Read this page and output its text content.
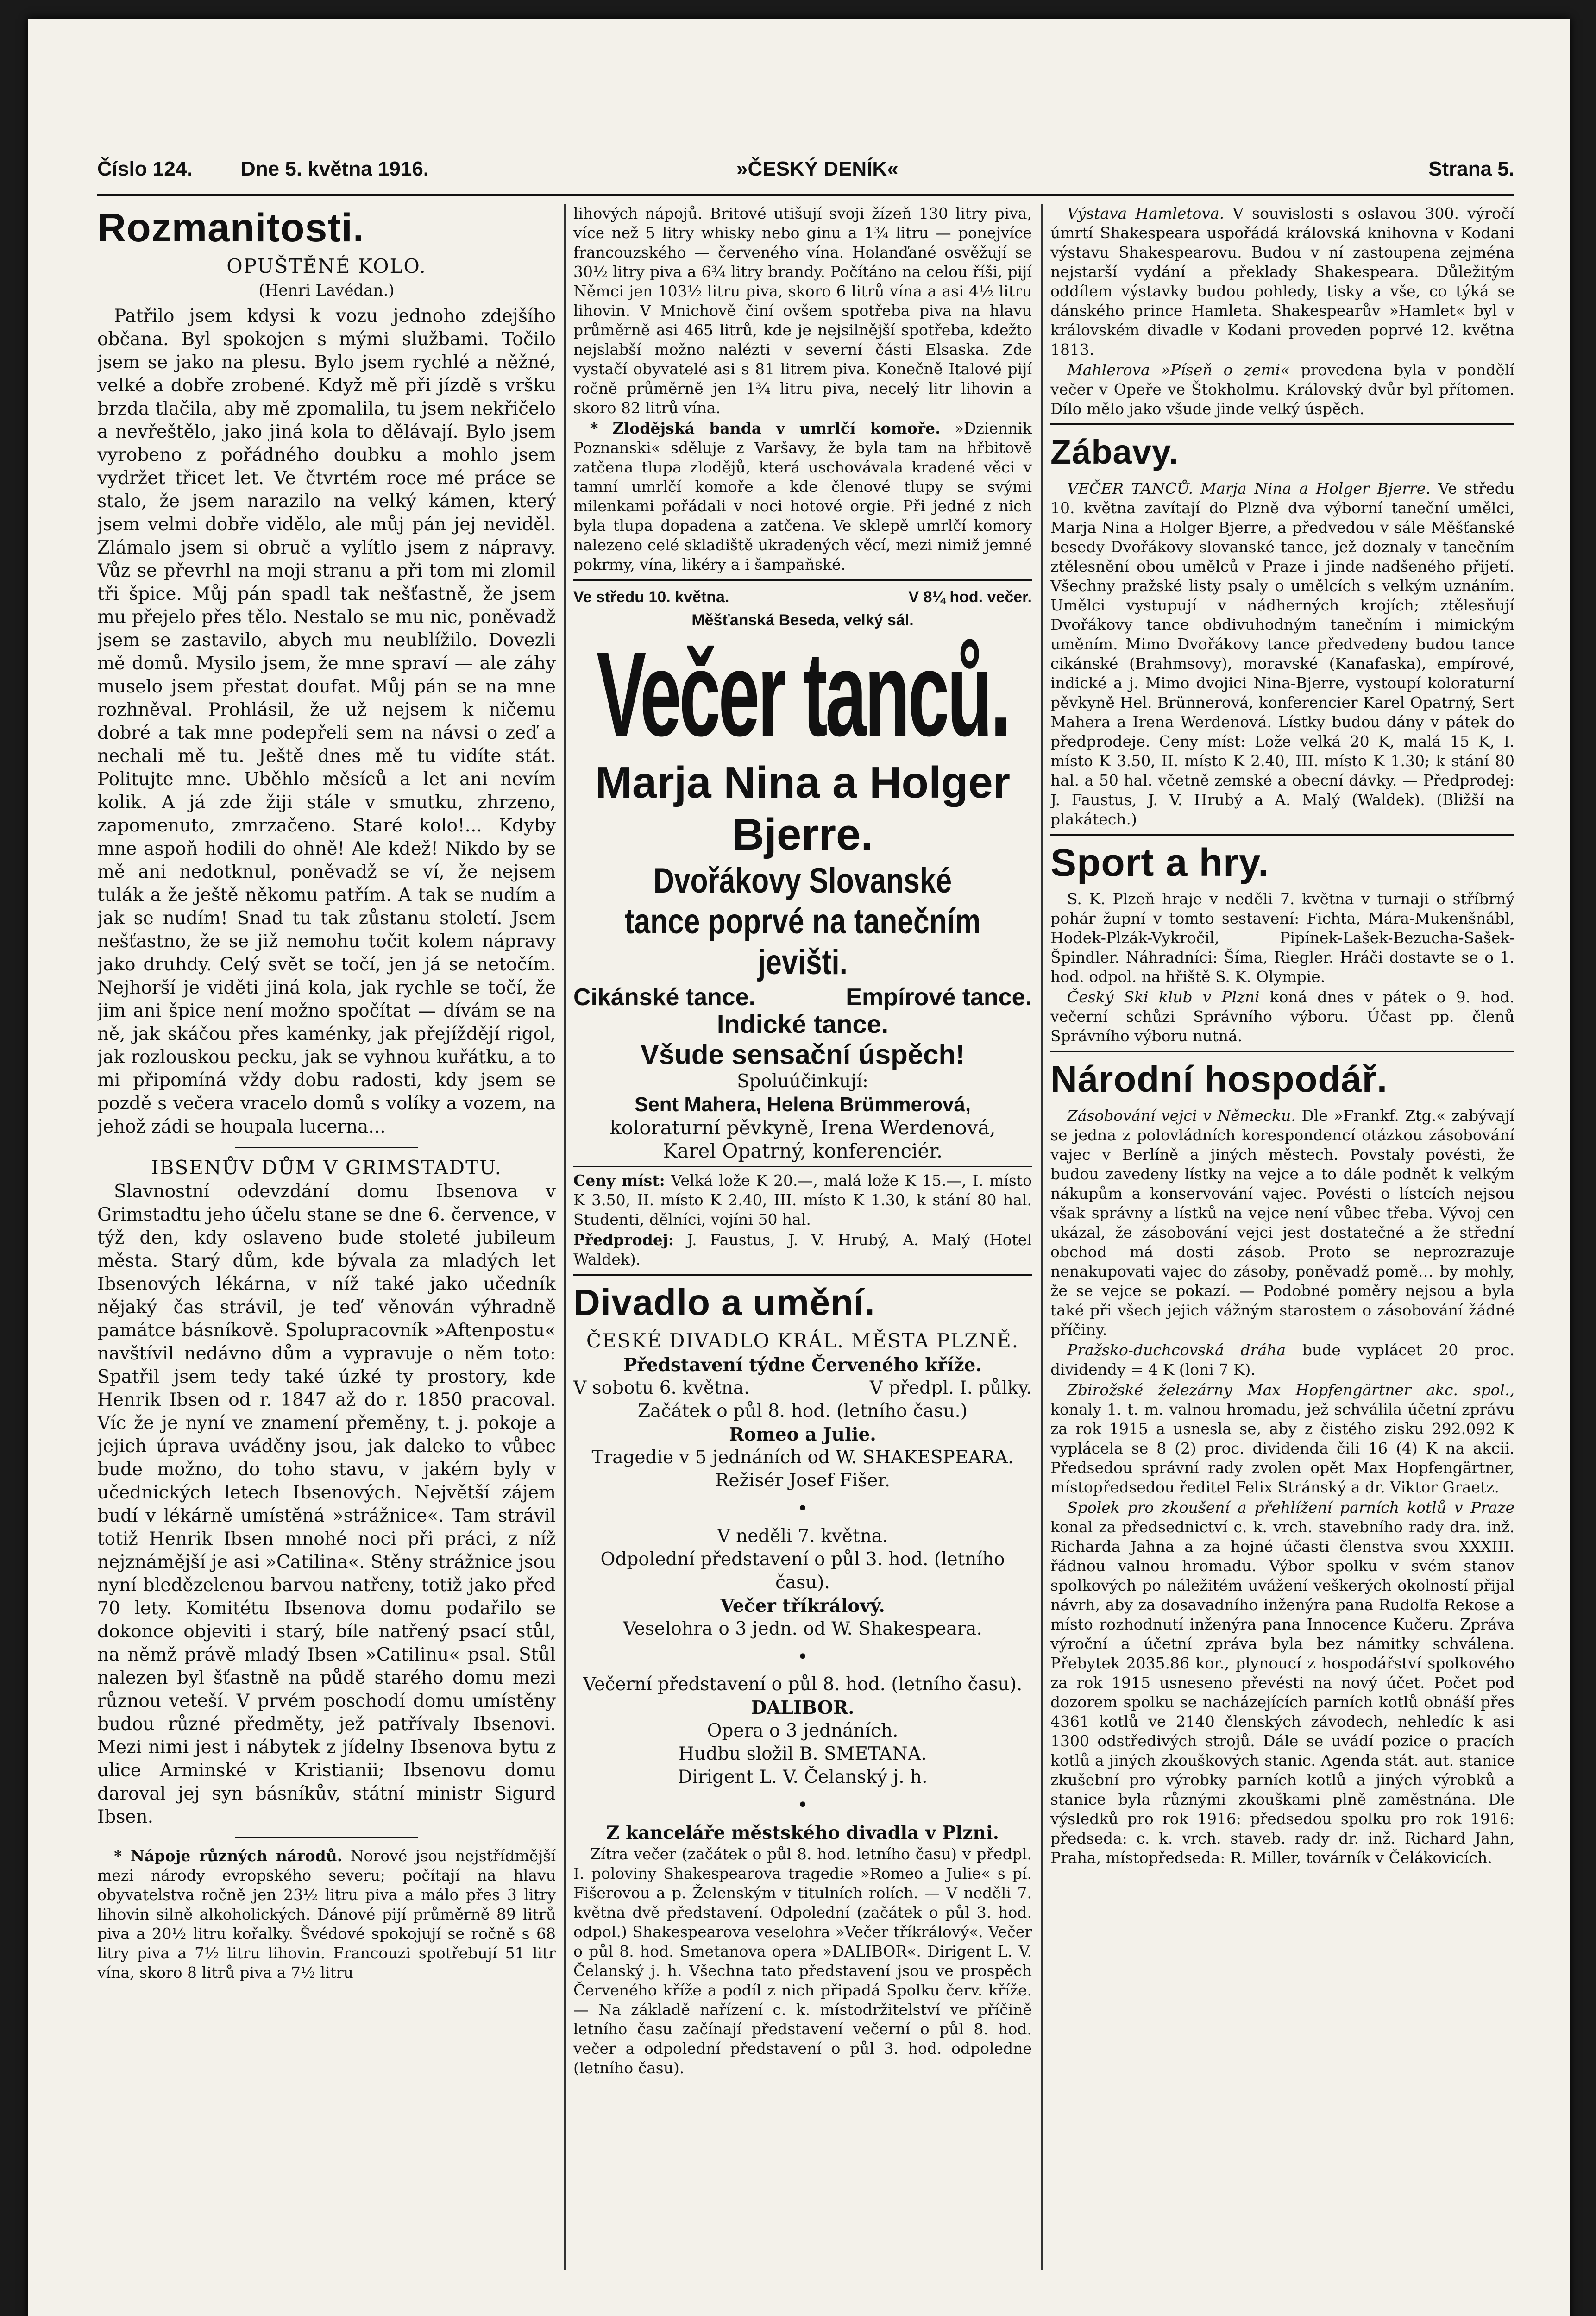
Číslo 124. Dne 5. května 1916.	»ČESKÝ DENÍK«	Strana 5.
Rozmanitosti.
OPUŠTĚNÉ KOLO.
(Henri Lavédan.)

Patřilo jsem kdysi k vozu jednoho zdejšího občana. Byl spokojen s mými službami. Točilo jsem se jako na plesu. Bylo jsem rychlé a něžné, velké a dobře zrobené. Když mě při jízdě s vršku brzda tlačila, aby mě zpomalila, tu jsem nekřičelo a nevřeštělo, jako jiná kola to dělávají. Bylo jsem vyrobeno z pořádného doubku a mohlo jsem vydržet třicet let. Ve čtvrtém roce mé práce se stalo, že jsem narazilo na velký kámen, který jsem velmi dobře vidělo, ale můj pán jej neviděl. Zlámalo jsem si obruč a vylítlo jsem z nápravy. Vůz se převrhl na moji stranu a při tom mi zlomil tři špice. Můj pán spadl tak nešťastně, že jsem mu přejelo přes tělo. Nestalo se mu nic, poněvadž jsem se zastavilo, abych mu neublížilo. Dovezli mě domů. Mysilo jsem, že mne spraví — ale záhy muselo jsem přestat doufat. Můj pán se na mne rozhněval. Prohlásil, že už nejsem k ničemu dobré a tak mne podepřeli sem na návsi o zeď a nechali mě tu. Ještě dnes mě tu vidíte stát. Politujte mne. Uběhlo měsíců a let ani nevím kolik. A já zde žiji stále v smutku, zhrzeno, zapomenuto, zmrzačeno. Staré kolo!... Kdyby mne aspoň hodili do ohně! Ale kdež! Nikdo by se mě ani nedotknul, poněvadž se ví, že nejsem tulák a že ještě někomu patřím. A tak se nudím a jak se nudím! Snad tu tak zůstanu století. Jsem nešťastno, že se již nemohu točit kolem nápravy jako druhdy. Celý svět se točí, jen já se netočím. Nejhorší je viděti jiná kola, jak rychle se točí, že jim ani špice není možno spočítat — dívám se na ně, jak skáčou přes kaménky, jak přejíždějí rigol, jak rozlouskou pecku, jak se vyhnou kuřátku, a to mi připomíná vždy dobu radosti, kdy jsem se pozdě s večera vracelo domů s volíky a vozem, na jehož zádi se houpala lucerna...

IBSENŮV DŮM V GRIMSTADTU.

Slavnostní odevzdání domu Ibsenova v Grimstadtu jeho účelu stane se dne 6. července, v týž den, kdy oslaveno bude stoleté jubileum města. Starý dům, kde bývala za mladých let Ibsenových lékárna, v níž také jako učedník nějaký čas strávil, je teď věnován výhradně památce básníkově. Spolupracovník »Aftenpostu« navštívil nedávno dům a vypravuje o něm toto: Spatřil jsem tedy také úzké ty prostory, kde Henrik Ibsen od r. 1847 až do r. 1850 pracoval. Víc že je nyní ve znamení přeměny, t. j. pokoje a jejich úprava uváděny jsou, jak daleko to vůbec bude možno, do toho stavu, v jakém byly v učednických letech Ibsenových. Největší zájem budí v lékárně umístěná »strážnice«. Tam strávil totiž Henrik Ibsen mnohé noci při práci, z níž nejznámější je asi »Catilina«. Stěny strážnice jsou nyní bledězelenou barvou natřeny, totiž jako před 70 lety. Komitétu Ibsenova domu podařilo se dokonce objeviti i starý, bíle natřený psací stůl, na němž právě mladý Ibsen »Catilinu« psal. Stůl nalezen byl šťastně na půdě starého domu mezi různou veteší. V prvém poschodí domu umístěny budou různé předměty, jež patřívaly Ibsenovi. Mezi nimi jest i nábytek z jídelny Ibsenova bytu z ulice Arminské v Kristianii; Ibsenovu domu daroval jej syn básníkův, státní ministr Sigurd Ibsen.

* Nápoje různých národů. Norové jsou nejstřídmější mezi národy evropského severu; počítají na hlavu obyvatelstva ročně jen 23½ litru piva a málo přes 3 litry lihovin silně alkoholických. Dánové pijí průměrně 89 litrů piva a 20½ litru kořalky. Švédové spokojují se ročně s 68 litry piva a 7½ litru lihovin. Francouzi spotřebují 51 litr vína, skoro 8 litrů piva a 7½ litru

lihových nápojů. Britové utišují svoji žízeň 130 litry piva, více než 5 litry whisky nebo ginu a 1¾ litru — ponejvíce francouzského — červeného vína. Holanďané osvěžují se 30½ litry piva a 6¾ litry brandy. Počítáno na celou říši, pijí Němci jen 103½ litru piva, skoro 6 litrů vína a asi 4½ litru lihovin. V Mnichově činí ovšem spotřeba piva na hlavu průměrně asi 465 litrů, kde je nejsilnější spotřeba, kdežto nejslabší možno nalézti v severní části Elsaska. Zde vystačí obyvatelé asi s 81 litrem piva. Konečně Italové pijí ročně průměrně jen 1¾ litru piva, necelý litr lihovin a skoro 82 litrů vína.

* Zlodějská banda v umrlčí komoře. »Dziennik Poznanski« sděluje z Varšavy, že byla tam na hřbitově zatčena tlupa zlodějů, která uschovávala kradené věci v tamní umrlčí komoře a kde členové tlupy se svými milenkami pořádali v noci hotové orgie. Při jedné z nich byla tlupa dopadena a zatčena. Ve sklepě umrlčí komory nalezeno celé skladiště ukradených věcí, mezi nimiž jemné pokrmy, vína, likéry a i šampaňské.

Ve středu 10. května.	V 8¼ hod. večer.
Měšťanská Beseda, velký sál.
Večer tanců.
Marja Nina a Holger Bjerre.
Dvořákovy Slovanské tance poprvé na tanečním jevišti.
Cikánské tance.	Empírové tance.
Indické tance.
Všude sensační úspěch!
Spoluúčinkují:
Sent Mahera, Helena Brümmerová,
koloraturní pěvkyně, Irena Werdenová,
Karel Opatrný, konferenciér.

Ceny míst: Velká lože K 20.—, malá lože K 15.—, I. místo K 3.50, II. místo K 2.40, III. místo K 1.30, k stání 80 hal. Studenti, dělníci, vojíni 50 hal.

Předprodej: J. Faustus, J. V. Hrubý, A. Malý (Hotel Waldek).

Divadlo a umění.
ČESKÉ DIVADLO KRÁL. MĚSTA PLZNĚ.
Představení týdne Červeného kříže.
V sobotu 6. května.	V předpl. I. půlky.
Začátek o půl 8. hod. (letního času.)
Romeo a Julie.
Tragedie v 5 jednáních od W. SHAKESPEARA.
Režisér Josef Fišer.
•
V neděli 7. května.
Odpolední představení o půl 3. hod. (letního času).
Večer tříkrálový.
Veselohra o 3 jedn. od W. Shakespeara.
•
Večerní představení o půl 8. hod. (letního času).
DALIBOR.
Opera o 3 jednáních.
Hudbu složil B. SMETANA.
Dirigent L. V. Čelanský j. h.
•
Z kanceláře městského divadla v Plzni.

Zítra večer (začátek o půl 8. hod. letního času) v předpl. I. poloviny Shakespearova tragedie »Romeo a Julie« s pí. Fišerovou a p. Želenským v titulních rolích. — V neděli 7. května dvě představení. Odpolední (začátek o půl 3. hod. odpol.) Shakespearova veselohra »Večer tříkrálový«. Večer o půl 8. hod. Smetanova opera »DALIBOR«. Dirigent L. V. Čelanský j. h. Všechna tato představení jsou ve prospěch Červeného kříže a podíl z nich připadá Spolku červ. kříže. — Na základě nařízení c. k. místodržitelství ve příčině letního času začínají představení večerní o půl 8. hod. večer a odpolední představení o půl 3. hod. odpoledne (letního času).

Výstava Hamletova. V souvislosti s oslavou 300. výročí úmrtí Shakespeara uspořádá královská knihovna v Kodani výstavu Shakespearovu. Budou v ní zastoupena zejména nejstarší vydání a překlady Shakespeara. Důležitým oddílem výstavky budou pohledy, tisky a vše, co týká se dánského prince Hamleta. Shakespearův »Hamlet« byl v královském divadle v Kodani proveden poprvé 12. května 1813.

Mahlerova »Píseň o zemi« provedena byla v pondělí večer v Opeře ve Štokholmu. Královský dvůr byl přítomen. Dílo mělo jako všude jinde velký úspěch.

Zábavy.

VEČER TANCŮ. Marja Nina a Holger Bjerre. Ve středu 10. května zavítají do Plzně dva výborní taneční umělci, Marja Nina a Holger Bjerre, a předvedou v sále Měšťanské besedy Dvořákovy slovanské tance, jež doznaly v tanečním ztělesnění obou umělců v Praze i jinde nadšeného přijetí. Všechny pražské listy psaly o umělcích s velkým uznáním. Umělci vystupují v nádherných krojích; ztělesňují Dvořákovy tance obdivuhodným tanečním i mimickým uměním. Mimo Dvořákovy tance předvedeny budou tance cikánské (Brahmsovy), moravské (Kanafaska), empírové, indické a j. Mimo dvojici Nina-Bjerre, vystoupí koloraturní pěvkyně Hel. Brünnerová, konferencier Karel Opatrný, Sert Mahera a Irena Werdenová. Lístky budou dány v pátek do předprodeje. Ceny míst: Lože velká 20 K, malá 15 K, I. místo K 3.50, II. místo K 2.40, III. místo K 1.30; k stání 80 hal. a 50 hal. včetně zemské a obecní dávky. — Předprodej: J. Faustus, J. V. Hrubý a A. Malý (Waldek). (Bližší na plakátech.)

Sport a hry.

S. K. Plzeň hraje v neděli 7. května v turnaji o stříbrný pohár župní v tomto sestavení: Fichta, Mára-Mukenšnábl, Hodek-Plzák-Vykročil, Pipínek-Lašek-Bezucha-Sašek-Špindler. Náhradníci: Šíma, Riegler. Hráči dostavte se o 1. hod. odpol. na hřiště S. K. Olympie.

Český Ski klub v Plzni koná dnes v pátek o 9. hod. večerní schůzi Správního výboru. Účast pp. členů Správního výboru nutná.

Národní hospodář.

Zásobování vejci v Německu. Dle »Frankf. Ztg.« zabývají se jedna z polovládních korespondencí otázkou zásobování vajec v Berlíně a jiných městech. Povstaly povésti, že budou zavedeny lístky na vejce a to dále podnět k velkým nákupům a konservování vajec. Povésti o lístcích nejsou však správny a lístků na vejce není vůbec třeba. Vývoj cen ukázal, že zásobování vejci jest dostatečné a že střední obchod má dosti zásob. Proto se neprozrazuje nenakupovati vajec do zásoby, poněvadž pomě… by mohly, že se vejce se pokazí. — Podobné poměry nejsou a byla také při všech jejich vážným starostem o zásobování žádné příčiny.

Pražsko-duchcovská dráha bude vyplácet 20 proc. dividendy = 4 K (loni 7 K).

Zbirožské železárny Max Hopfengärtner akc. spol., konaly 1. t. m. valnou hromadu, jež schválila účetní zprávu za rok 1915 a usnesla se, aby z čistého zisku 292.092 K vyplácela se 8 (2) proc. dividenda čili 16 (4) K na akcii. Předsedou správní rady zvolen opět Max Hopfengärtner, místopředsedou ředitel Felix Stránský a dr. Viktor Graetz.

Spolek pro zkoušení a přehlížení parních kotlů v Praze konal za předsednictví c. k. vrch. stavebního rady dra. inž. Richarda Jahna a za hojné účasti členstva svou XXXIII. řádnou valnou hromadu. Výbor spolku v svém stanov spolkových po náležitém uvážení veškerých okolností přijal návrh, aby za dosavadního inženýra pana Rudolfa Rekose a místo rozhodnutí inženýra pana Innocence Kučeru. Zpráva výroční a účetní zpráva byla bez námitky schválena. Přebytek 2035.86 kor., plynoucí z hospodářství spolkového za rok 1915 usneseno převésti na nový účet. Počet pod dozorem spolku se nacházejících parních kotlů obnáší přes 4361 kotlů ve 2140 členských závodech, nehledíc k asi 1300 odstředivých strojů. Dále se uvádí pozice o pracích kotlů a jiných zkouškových stanic. Agenda stát. aut. stanice zkušební pro výrobky parních kotlů a jiných výrobků a stanice byla různými zkouškami plně zaměstnána. Dle výsledků pro rok 1916: předsedou spolku pro rok 1916: předseda: c. k. vrch. staveb. rady dr. inž. Richard Jahn, Praha, místopředseda: R. Miller, továrník v Čelákovicích.
